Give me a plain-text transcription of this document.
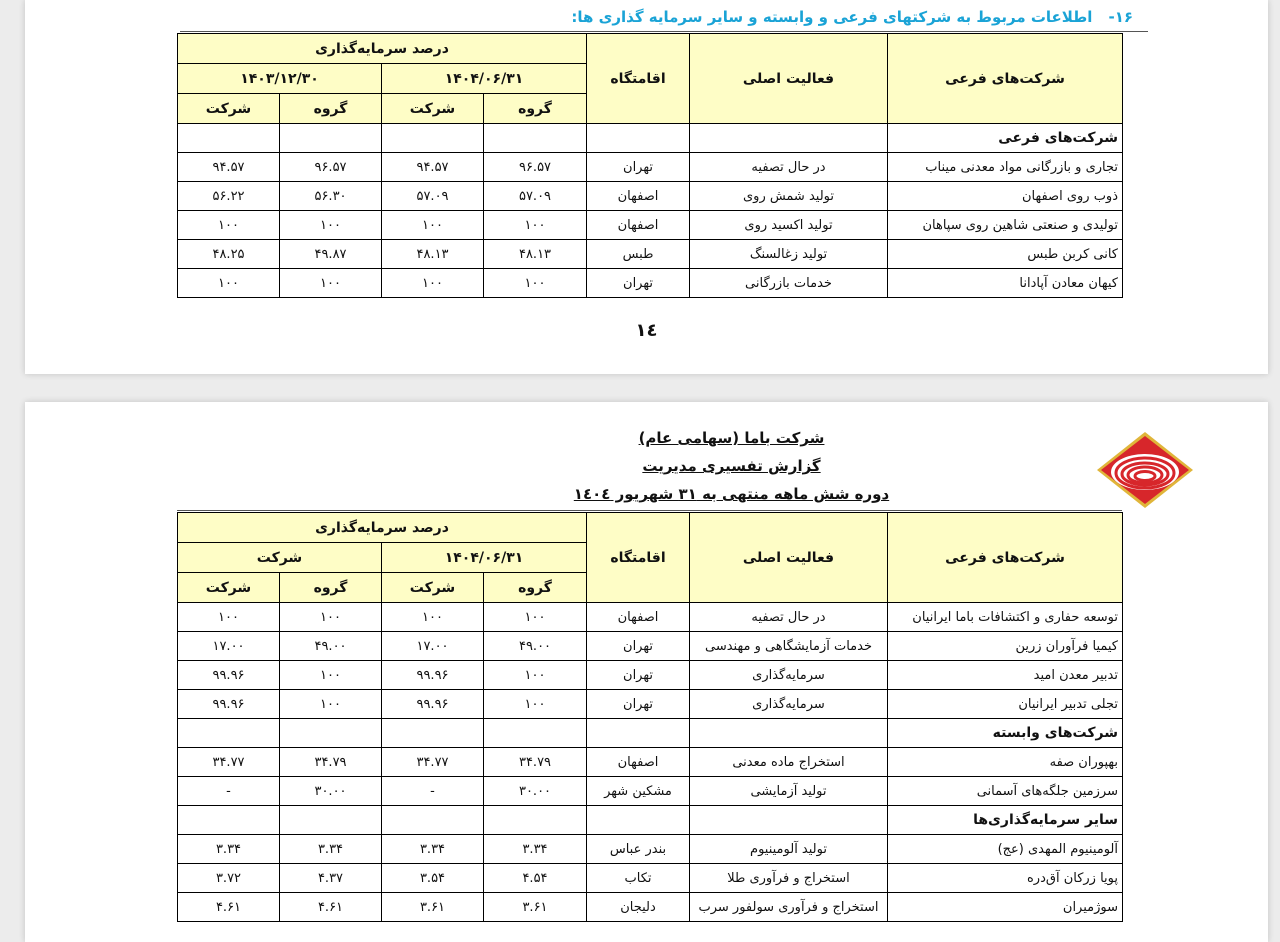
۱۶-اطلاعات مربوط به شرکتهای فرعی و وابسته و سایر سرمایه گذاری ها:
شرکت‌های فرعی	فعالیت اصلی	اقامتگاه	درصد سرمایه‌گذاری			
			۱۴۰۴/۰۶/۳۱		۱۴۰۳/۱۲/۳۰	
			گروه	شرکت	گروه	شرکت
شرکت‌های فرعی						
تجاری و بازرگانی مواد معدنی میناب	در حال تصفیه	تهران	۹۶.۵۷	۹۴.۵۷	۹۶.۵۷	۹۴.۵۷
ذوب روی اصفهان	تولید شمش روی	اصفهان	۵۷.۰۹	۵۷.۰۹	۵۶.۳۰	۵۶.۲۲
تولیدی و صنعتی شاهین روی سپاهان	تولید اکسید روی	اصفهان	۱۰۰	۱۰۰	۱۰۰	۱۰۰
کانی کربن طبس	تولید زغالسنگ	طبس	۴۸.۱۳	۴۸.۱۳	۴۹.۸۷	۴۸.۲۵
کیهان معادن آپادانا	خدمات بازرگانی	تهران	۱۰۰	۱۰۰	۱۰۰	۱۰۰
۱٤
شرکت باما (سهامی عام)
گزارش تفسیری مدیریت
دوره شش ماهه منتهی به ۳۱ شهریور ۱٤٠٤
شرکت‌های فرعی	فعالیت اصلی	اقامتگاه	درصد سرمایه‌گذاری			
			۱۴۰۴/۰۶/۳۱		شرکت	
			گروه	شرکت	گروه	شرکت
توسعه حفاری و اکتشافات باما ایرانیان	در حال تصفیه	اصفهان	۱۰۰	۱۰۰	۱۰۰	۱۰۰
کیمیا فرآوران زرین	خدمات آزمایشگاهی و مهندسی	تهران	۴۹.۰۰	۱۷.۰۰	۴۹.۰۰	۱۷.۰۰
تدبیر معدن امید	سرمایه‌گذاری	تهران	۱۰۰	۹۹.۹۶	۱۰۰	۹۹.۹۶
تجلی تدبیر ایرانیان	سرمایه‌گذاری	تهران	۱۰۰	۹۹.۹۶	۱۰۰	۹۹.۹۶
شرکت‌های وابسته						
بهپوران صفه	استخراج ماده معدنی	اصفهان	۳۴.۷۹	۳۴.۷۷	۳۴.۷۹	۳۴.۷۷
سرزمین جلگه‌های آسمانی	تولید آزمایشی	مشکین شهر	۳۰.۰۰	-	۳۰.۰۰	-
سایر سرمایه‌گذاری‌ها						
آلومینیوم المهدی (عج)	تولید آلومینیوم	بندر عباس	۳.۳۴	۳.۳۴	۳.۳۴	۳.۳۴
پویا زرکان آق‌دره	استخراج و فرآوری طلا	تکاب	۴.۵۴	۳.۵۴	۴.۳۷	۳.۷۲
سوژمیران	استخراج و فرآوری سولفور سرب	دلیجان	۳.۶۱	۳.۶۱	۴.۶۱	۴.۶۱
